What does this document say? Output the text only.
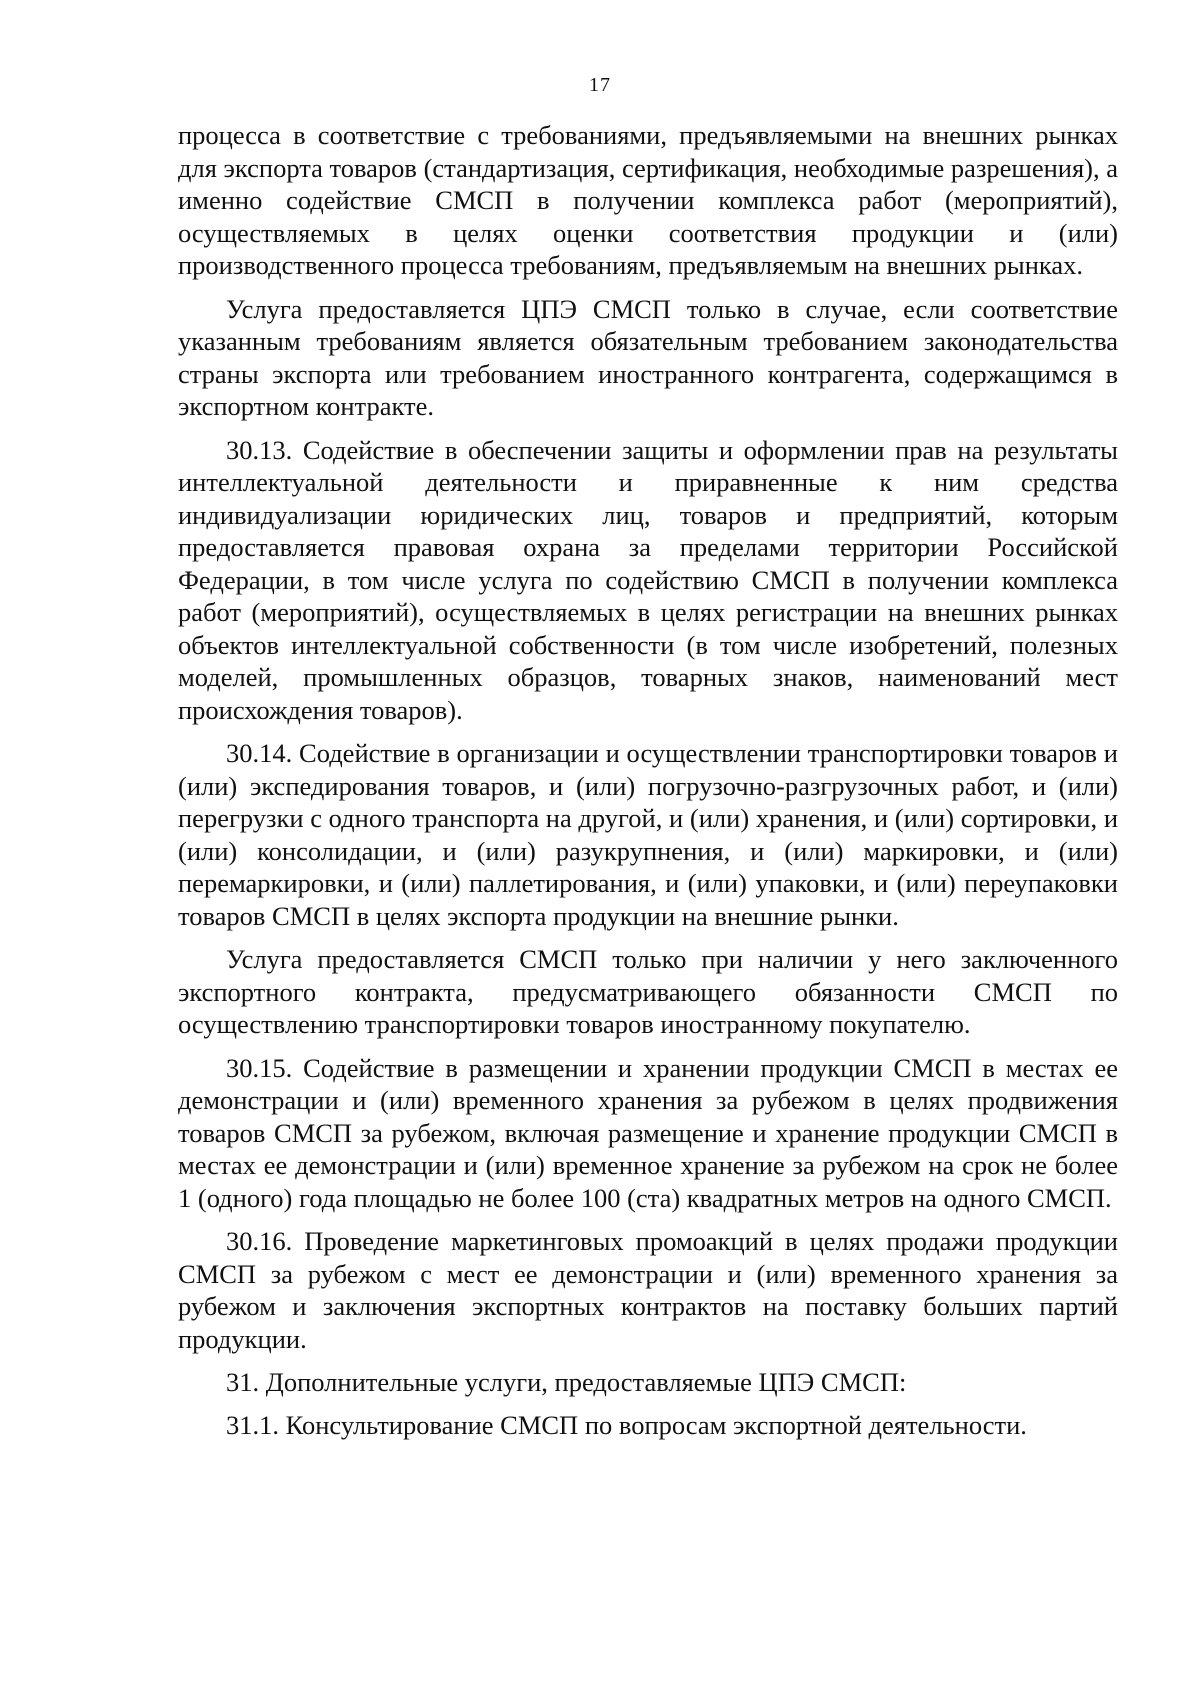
17

процесса в соответствие с требованиями, предъявляемыми на внешних рынках для экспорта товаров (стандартизация, сертификация, необходимые разрешения), а именно содействие СМСП в получении комплекса работ (мероприятий), осуществляемых в целях оценки соответствия продукции и (или) производственного процесса требованиям, предъявляемым на внешних рынках.

Услуга предоставляется ЦПЭ СМСП только в случае, если соответствие указанным требованиям является обязательным требованием законодательства страны экспорта или требованием иностранного контрагента, содержащимся в экспортном контракте.

30.13. Содействие в обеспечении защиты и оформлении прав на результаты интеллектуальной деятельности и приравненные к ним средства индивидуализации юридических лиц, товаров и предприятий, которым предоставляется правовая охрана за пределами территории Российской Федерации, в том числе услуга по содействию СМСП в получении комплекса работ (мероприятий), осуществляемых в целях регистрации на внешних рынках объектов интеллектуальной собственности (в том числе изобретений, полезных моделей, промышленных образцов, товарных знаков, наименований мест происхождения товаров).

30.14. Содействие в организации и осуществлении транспортировки товаров и (или) экспедирования товаров, и (или) погрузочно-разгрузочных работ, и (или) перегрузки с одного транспорта на другой, и (или) хранения, и (или) сортировки, и (или) консолидации, и (или) разукрупнения, и (или) маркировки, и (или) перемаркировки, и (или) паллетирования, и (или) упаковки, и (или) переупаковки товаров СМСП в целях экспорта продукции на внешние рынки.

Услуга предоставляется СМСП только при наличии у него заключенного экспортного контракта, предусматривающего обязанности СМСП по осуществлению транспортировки товаров иностранному покупателю.

30.15. Содействие в размещении и хранении продукции СМСП в местах ее демонстрации и (или) временного хранения за рубежом в целях продвижения товаров СМСП за рубежом, включая размещение и хранение продукции СМСП в местах ее демонстрации и (или) временное хранение за рубежом на срок не более 1 (одного) года площадью не более 100 (ста) квадратных метров на одного СМСП.

30.16. Проведение маркетинговых промоакций в целях продажи продукции СМСП за рубежом с мест ее демонстрации и (или) временного хранения за рубежом и заключения экспортных контрактов на поставку больших партий продукции.

31. Дополнительные услуги, предоставляемые ЦПЭ СМСП:

31.1. Консультирование СМСП по вопросам экспортной деятельности.
